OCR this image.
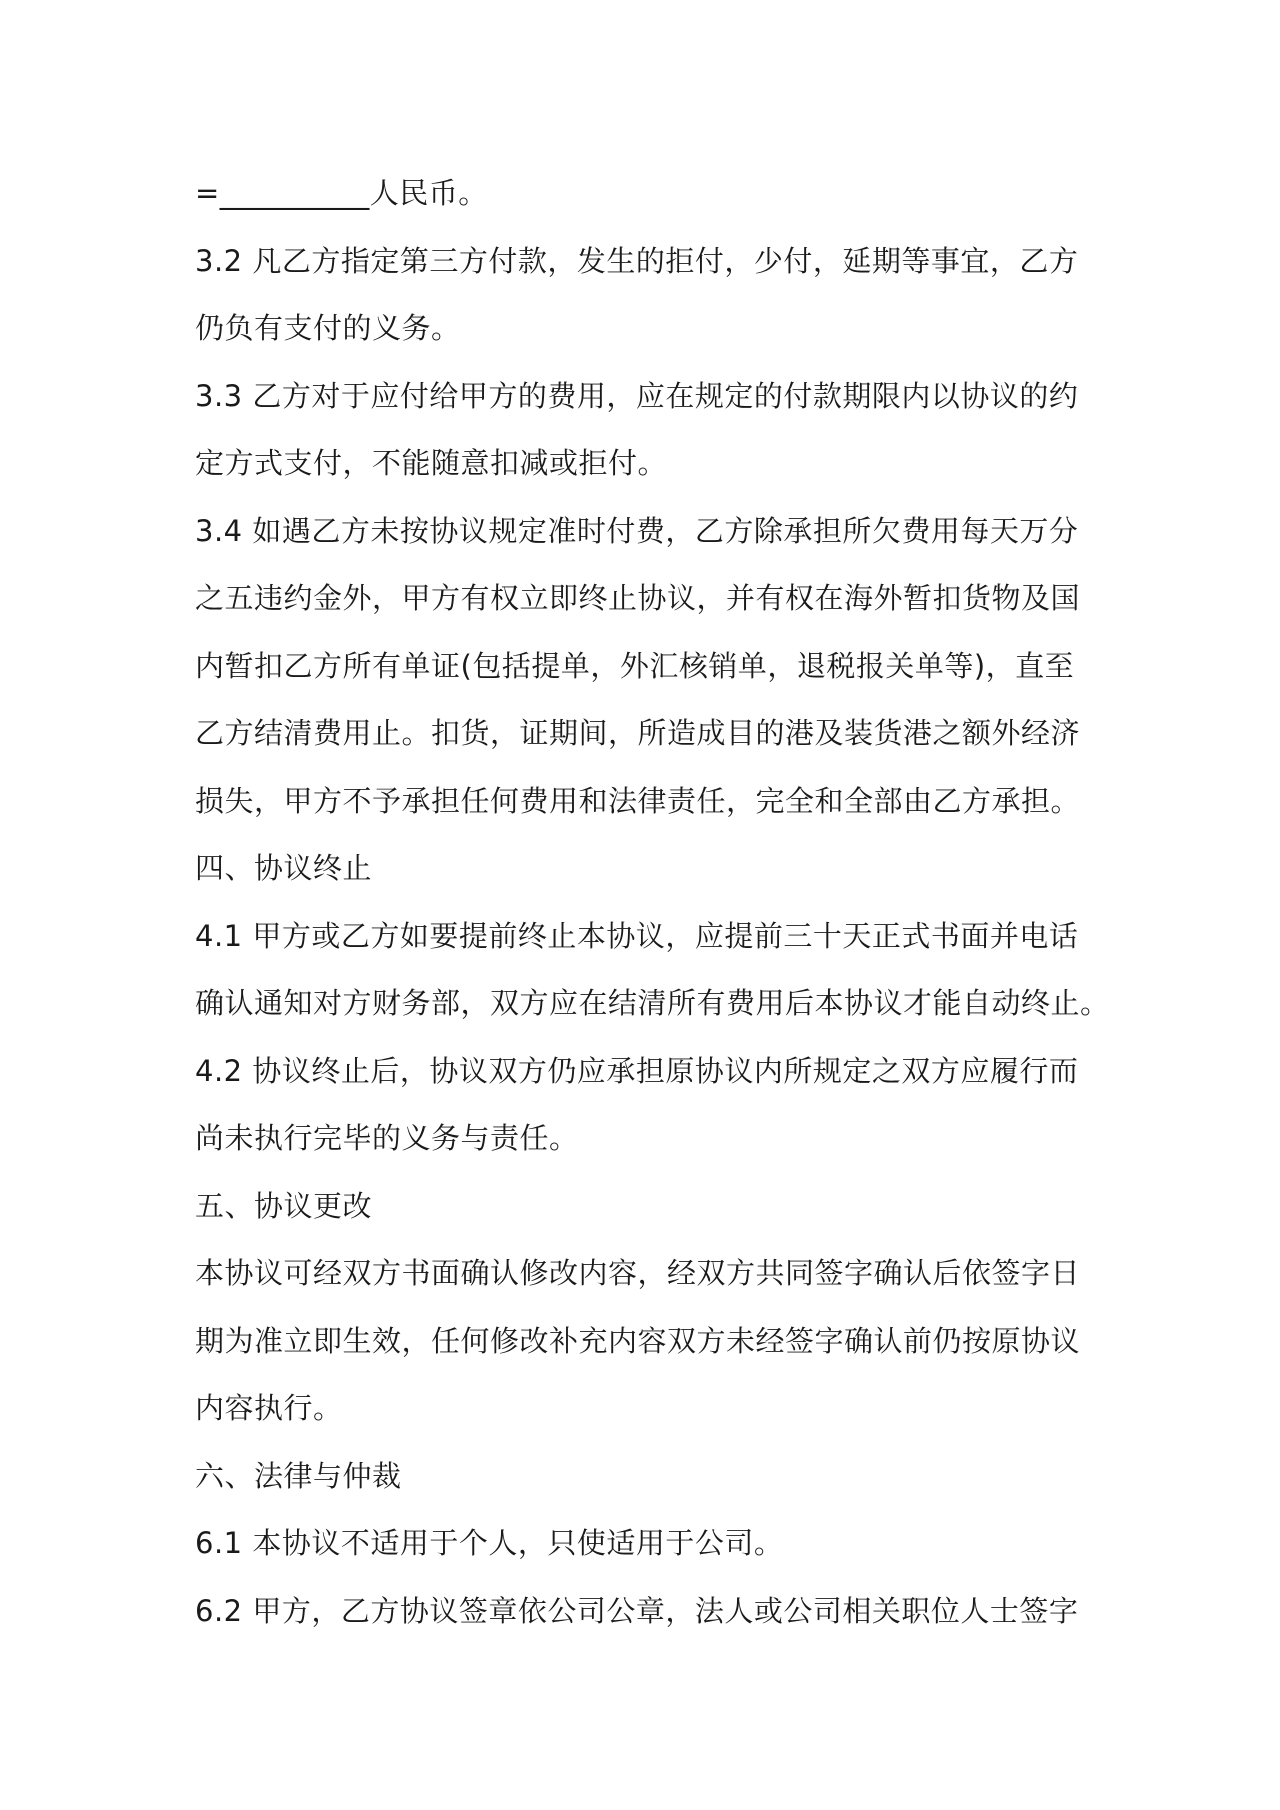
=__________人民币。
3.2 凡乙方指定第三方付款，发生的拒付，少付，延期等事宜，乙方
仍负有支付的义务。
3.3 乙方对于应付给甲方的费用，应在规定的付款期限内以协议的约
定方式支付，不能随意扣减或拒付。
3.4 如遇乙方未按协议规定准时付费，乙方除承担所欠费用每天万分
之五违约金外，甲方有权立即终止协议，并有权在海外暂扣货物及国
内暂扣乙方所有单证(包括提单，外汇核销单，退税报关单等)，直至
乙方结清费用止。扣货，证期间，所造成目的港及装货港之额外经济
损失，甲方不予承担任何费用和法律责任，完全和全部由乙方承担。
四、协议终止
4.1 甲方或乙方如要提前终止本协议，应提前三十天正式书面并电话
确认通知对方财务部，双方应在结清所有费用后本协议才能自动终止。
4.2 协议终止后，协议双方仍应承担原协议内所规定之双方应履行而
尚未执行完毕的义务与责任。
五、协议更改
本协议可经双方书面确认修改内容，经双方共同签字确认后依签字日
期为准立即生效，任何修改补充内容双方未经签字确认前仍按原协议
内容执行。
六、法律与仲裁
6.1 本协议不适用于个人，只使适用于公司。
6.2 甲方，乙方协议签章依公司公章，法人或公司相关职位人士签字
